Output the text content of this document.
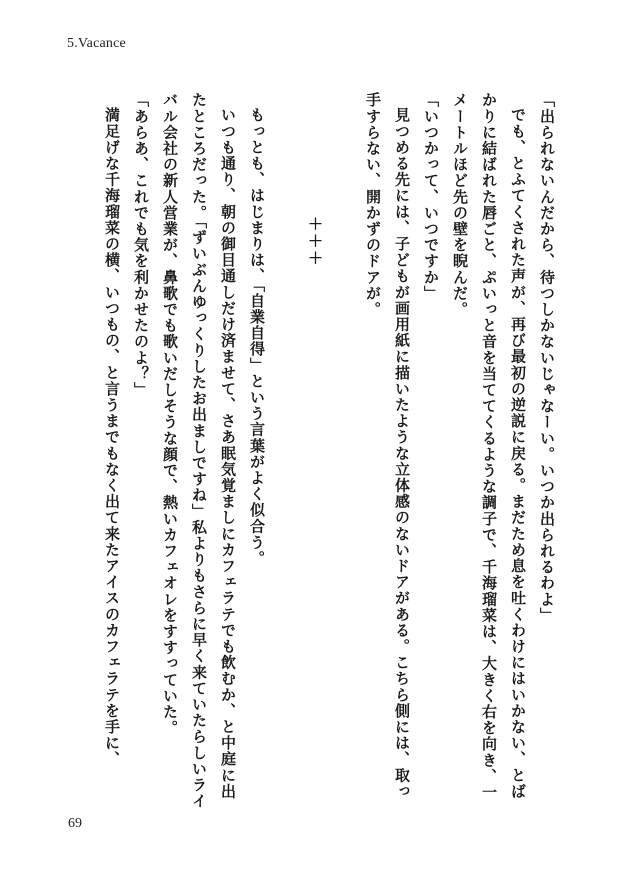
5.Vacance

「出られないんだから、待つしかないじゃなーい。いつか出られるわよ」

でも、とふてくされた声が、再び最初の逆説に戻る。まだため息を吐くわけにはいかない、とばかりに結ばれた唇ごと、ぷいっと音を当ててくるような調子で、千海瑠菜は、大きく右を向き、一メートルほど先の壁を睨んだ。

「いつかって、いつですか」

見つめる先には、子どもが画用紙に描いたような立体感のないドアがある。こちら側には、取っ手すらない、開かずのドアが。

＋＋＋

もっとも、はじまりは、「自業自得」という言葉がよく似合う。

いつも通り、朝の御目通しだけ済ませて、さあ眠気覚ましにカフェラテでも飲むか、と中庭に出たところだった。「ずいぶんゆっくりしたお出ましですね」私よりもさらに早く来ていたらしいライバル会社の新人営業が、鼻歌でも歌いだしそうな顔で、熱いカフェオレをすすっていた。

「あらあ、これでも気を利かせたのよ？」

満足げな千海瑠菜の横、いつもの、と言うまでもなく出て来たアイスのカフェラテを手に、

69
